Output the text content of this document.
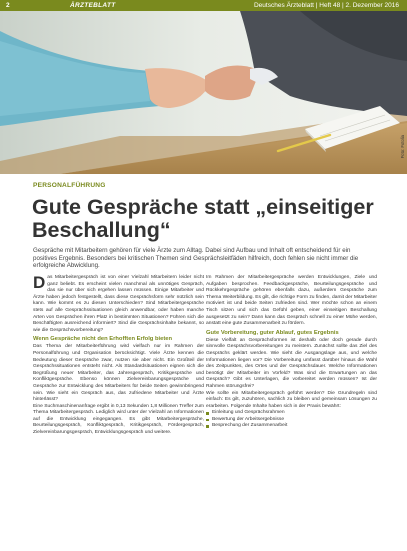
2	ÄRZTEBLATT	Deutsches Ärzteblatt | Heft 48 | 2. Dezember 2016
Foto: Fotolia
PERSONALFÜHRUNG
Gute Gespräche statt „einseitiger Beschallung“

Gespräche mit Mitarbeitern gehören für viele Ärzte zum Alltag. Dabei sind Aufbau und Inhalt oft entscheidend für ein positives Ergebnis. Besonders bei kritischen Themen sind Gesprächsleitfäden hilfreich, doch fehlen sie nicht immer die erfolgreiche Abwicklung.

Das Mitarbeitergespräch ist von einer Vielzahl Mitarbeitern leider nicht ganz beliebt. Es erscheint vielen manchmal als unnötiges Gespräch, das sie nur über sich ergehen lassen müssen. Einige Mitarbeiter und Ärzte haben jedoch festgestellt, dass diese Gesprächsform sehr nützlich sein kann. Wie kommt es zu diesen Unterschieden? Sind Mitarbeitergespräche stets auf alle Gesprächssituationen gleich anwendbar, oder haben manche Arten von Gesprächen ihren Platz in bestimmten Situationen? Führen sich die Beschäftigten ausreichend informiert? Sind die Gesprächsinhalte bekannt, so wie die Gesprächsvorbereitung?

Wenn Gespräche nicht den Erhofften Erfolg bieten

Das Thema der Mitarbeiterführung wird vielfach nur im Rahmen der Personalführung und Organisation berücksichtigt. Viele Ärzte kennen die Bedeutung dieser Gespräche zwar, nutzen sie aber nicht. Ein Großteil der Gesprächssituationen entsteht nicht. Als Standardsituationen eignen sich die Begrüßung neuer Mitarbeiter, das Jahresgespräch, Kritikgespräche und Konfliktgespräche. Ebenso können Zielvereinbarungsgespräche und Gespräche zur Entwicklung des Mitarbeiters für beide Seiten gewinnbringend sein. Wie sieht ein Gespräch aus, das zufriedene Mitarbeiter und Ärzte hinterlässt?

Eine Suchmaschinenanfrage ergibt in 0,13 Sekunden 1,8 Millionen Treffer zum Thema Mitarbeitergespräch. Lediglich wird unter der Vielzahl an Informationen auf die Entwicklung eingegangen. Es gibt Mitarbeitergespräche, Beurteilungsgespräch, Konfliktgespräch, Kritikgespräch, Fördergespräch, Zielvereinbarungsgespräch, Entwicklungsgespräch und weitere.

Im Rahmen der Mitarbeitergespräche werden Entwicklungen, Ziele und Aufgaben besprochen. Feedbackgespräche, Beurteilungsgespräche und Rückkehrgespräche gehören ebenfalls dazu, außerdem Gespräche zum Thema Weiterbildung. Es gilt, die richtige Form zu finden, damit der Mitarbeiter motiviert ist und beide Seiten zufrieden sind. Wer möchte schon an einem Tisch sitzen und sich das Gefühl geben, einer einseitigen Beschallung ausgesetzt zu sein? Dann kann das Gespräch schnell zu einer Mühe werden, anstatt eine gute Zusammenarbeit zu fördern.

Gute Vorbereitung, guter Ablauf, gutes Ergebnis

Diese Vielfalt an Gesprächsformen ist deshalb oder doch gerade durch sinnvolle Gesprächsvorbereitungen zu meistern. Zunächst sollte das Ziel des Gesprächs geklärt werden. Wie sieht die Ausgangslage aus, und welche Informationen liegen vor? Die Vorbereitung umfasst darüber hinaus die Wahl des Zeitpunktes, des Ortes und der Gesprächsdauer. Welche Informationen benötigt der Mitarbeiter im Vorfeld? Was sind die Erwartungen an das Gespräch? Gibt es Unterlagen, die vorbereitet werden müssen? Ist der Rahmen störungsfrei?

Wie sollte ein Mitarbeitergespräch geführt werden? Die Grundregeln sind einfach: Es gilt, zuzuhören, sachlich zu bleiben und gemeinsam Lösungen zu erarbeiten. Folgende Inhalte haben sich in der Praxis bewährt:

Einleitung und Gesprächsrahmen
Bewertung der Arbeitsergebnisse
Besprechung der Zusammenarbeit
